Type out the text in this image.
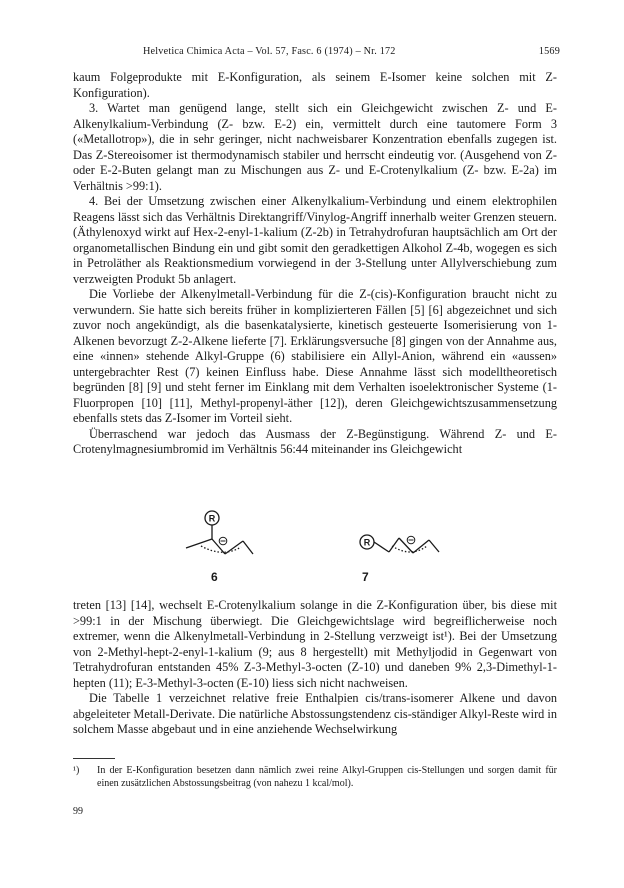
Helvetica Chimica Acta – Vol. 57, Fasc. 6 (1974) – Nr. 172	1569

kaum Folgeprodukte mit E-Konfiguration, als seinem E-Isomer keine solchen mit Z-Konfiguration).

3. Wartet man genügend lange, stellt sich ein Gleichgewicht zwischen Z- und E-Alkenylkalium-Verbindung (Z- bzw. E-2) ein, vermittelt durch eine tautomere Form 3 («Metallotrop»), die in sehr geringer, nicht nachweisbarer Konzentration ebenfalls zugegen ist. Das Z-Stereoisomer ist thermodynamisch stabiler und herrscht eindeutig vor. (Ausgehend von Z- oder E-2-Buten gelangt man zu Mischungen aus Z- und E-Crotenylkalium (Z- bzw. E-2a) im Verhältnis >99:1).

4. Bei der Umsetzung zwischen einer Alkenylkalium-Verbindung und einem elektrophilen Reagens lässt sich das Verhältnis Direktangriff/Vinylog-Angriff innerhalb weiter Grenzen steuern. (Äthylenoxyd wirkt auf Hex-2-enyl-1-kalium (Z-2b) in Tetrahydrofuran hauptsächlich am Ort der organometallischen Bindung ein und gibt somit den geradkettigen Alkohol Z-4b, wogegen es sich in Petroläther als Reaktionsmedium vorwiegend in der 3-Stellung unter Allylverschiebung zum verzweigten Produkt 5b anlagert.

Die Vorliebe der Alkenylmetall-Verbindung für die Z-(cis)-Konfiguration braucht nicht zu verwundern. Sie hatte sich bereits früher in komplizierteren Fällen [5] [6] abgezeichnet und sich zuvor noch angekündigt, als die basenkatalysierte, kinetisch gesteuerte Isomerisierung von 1-Alkenen bevorzugt Z-2-Alkene lieferte [7]. Erklärungsversuche [8] gingen von der Annahme aus, eine «innen» stehende Alkyl-Gruppe (6) stabilisiere ein Allyl-Anion, während ein «aussen» untergebrachter Rest (7) keinen Einfluss habe. Diese Annahme lässt sich modelltheoretisch begründen [8] [9] und steht ferner im Einklang mit dem Verhalten isoelektronischer Systeme (1-Fluorpropen [10] [11], Methyl-propenyl-äther [12]), deren Gleichgewichtszusammensetzung ebenfalls stets das Z-Isomer im Vorteil sieht.

Überraschend war jedoch das Ausmass der Z-Begünstigung. Während Z- und E-Crotenylmagnesiumbromid im Verhältnis 56:44 miteinander ins Gleichgewicht

R
R
6	7

treten [13] [14], wechselt E-Crotenylkalium solange in die Z-Konfiguration über, bis diese mit >99:1 in der Mischung überwiegt. Die Gleichgewichtslage wird begreiflicherweise noch extremer, wenn die Alkenylmetall-Verbindung in 2-Stellung verzweigt ist¹). Bei der Umsetzung von 2-Methyl-hept-2-enyl-1-kalium (9; aus 8 hergestellt) mit Methyljodid in Gegenwart von Tetrahydrofuran entstanden 45% Z-3-Methyl-3-octen (Z-10) und daneben 9% 2,3-Dimethyl-1-hepten (11); E-3-Methyl-3-octen (E-10) liess sich nicht nachweisen.

Die Tabelle 1 verzeichnet relative freie Enthalpien cis/trans-isomerer Alkene und davon abgeleiteter Metall-Derivate. Die natürliche Abstossungstendenz cis-ständiger Alkyl-Reste wird in solchem Masse abgebaut und in eine anziehende Wechselwirkung

¹) In der E-Konfiguration besetzen dann nämlich zwei reine Alkyl-Gruppen cis-Stellungen und sorgen damit für einen zusätzlichen Abstossungsbeitrag (von nahezu 1 kcal/mol).
99
